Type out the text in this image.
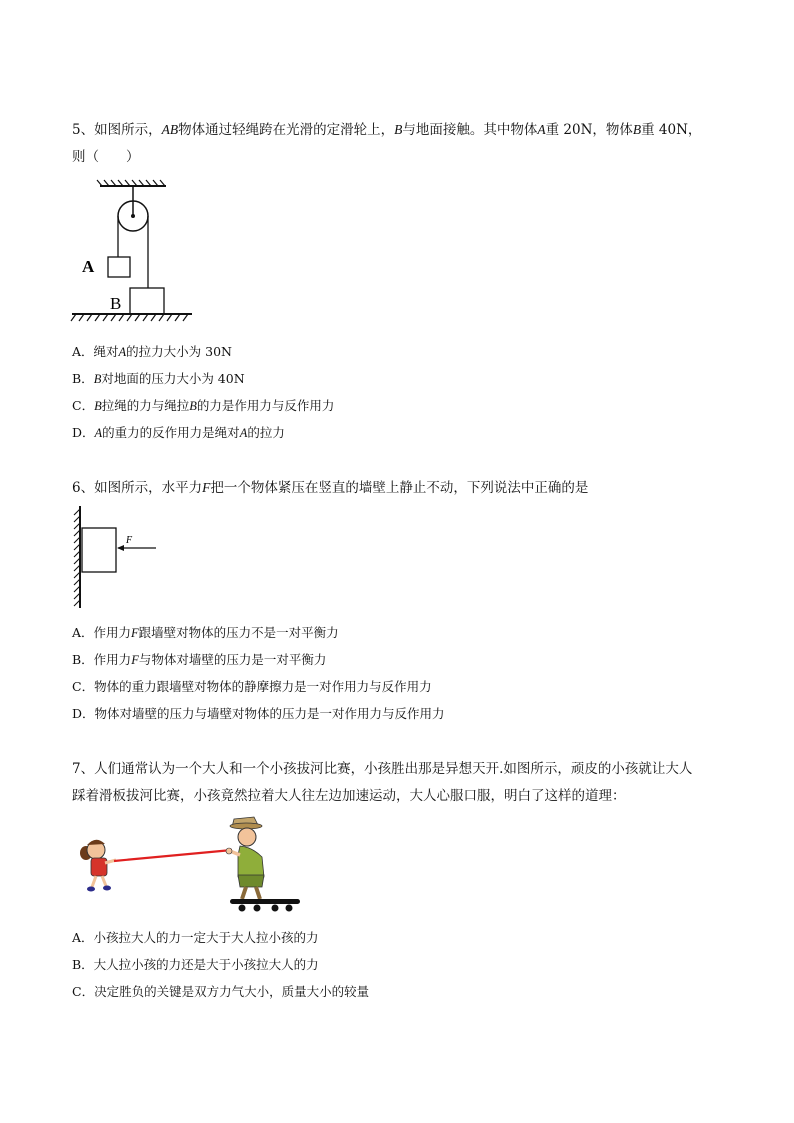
5、如图所示，AB物体通过轻绳跨在光滑的定滑轮上，B与地面接触。其中物体A重 20N，物体B重 40N，
则（　　）
A
B
A．绳对A的拉力大小为 30N
B．B对地面的压力大小为 40N
C．B拉绳的力与绳拉B的力是作用力与反作用力
D．A的重力的反作用力是绳对A的拉力
6、如图所示，水平力F把一个物体紧压在竖直的墙壁上静止不动，下列说法中正确的是
F
A．作用力F跟墙壁对物体的压力不是一对平衡力
B．作用力F与物体对墙壁的压力是一对平衡力
C．物体的重力跟墙壁对物体的静摩擦力是一对作用力与反作用力
D．物体对墙壁的压力与墙壁对物体的压力是一对作用力与反作用力
7、人们通常认为一个大人和一个小孩拔河比赛，小孩胜出那是异想天开.如图所示，顽皮的小孩就让大人
踩着滑板拔河比赛，小孩竟然拉着大人往左边加速运动，大人心服口服，明白了这样的道理：
A．小孩拉大人的力一定大于大人拉小孩的力
B．大人拉小孩的力还是大于小孩拉大人的力
C．决定胜负的关键是双方力气大小，质量大小的较量
